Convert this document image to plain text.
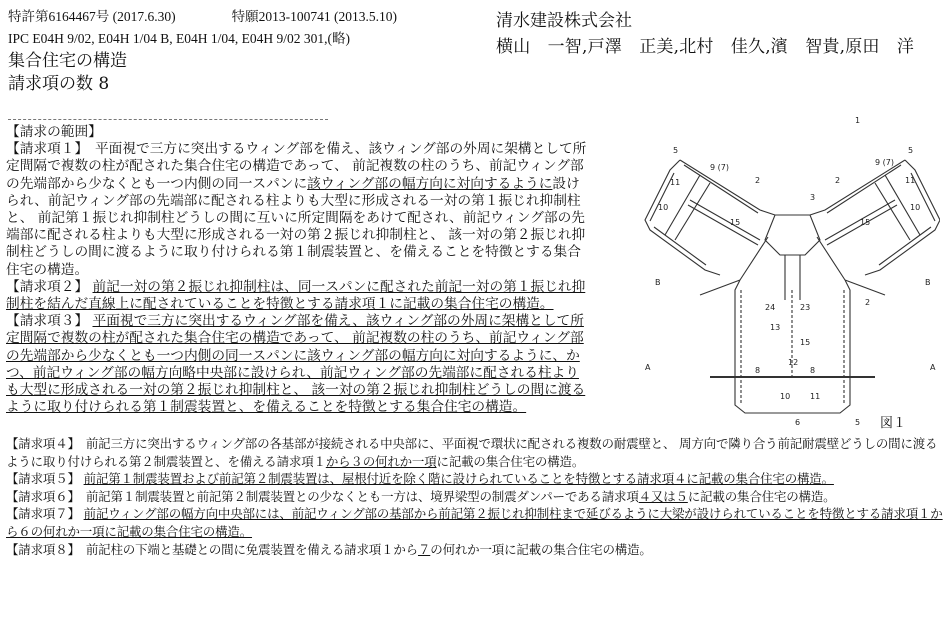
特許第6164467号 (2017.6.30)	特願2013-100741 (2013.5.10)
IPC E04H 9/02, E04H 1/04 B, E04H 1/04, E04H 9/02 301,(略)
集合住宅の構造
請求項の数 8
清水建設株式会社
横山　一智,戸澤　正美,北村　佳久,濱　智貴,原田　洋

【請求の範囲】

【請求項１】　平面視で三方に突出するウィング部を備え、該ウィング部の外周に架構として所定間隔で複数の柱が配された集合住宅の構造であって、 前記複数の柱のうち、前記ウィング部の先端部から少なくとも一つ内側の同一スパンに該ウィング部の幅方向に対向するように設けられ、前記ウィング部の先端部に配される柱よりも大型に形成される一対の第１振じれ抑制柱と、 前記第１振じれ抑制柱どうしの間に互いに所定間隔をあけて配され、前記ウィング部の先端部に配される柱よりも大型に形成される一対の第２振じれ抑制柱と、 該一対の第２振じれ抑制柱どうしの間に渡るように取り付けられる第１制震装置と、を備えることを特徴とする集合住宅の構造。

【請求項２】 前記一対の第２振じれ抑制柱は、同一スパンに配された前記一対の第１振じれ抑制柱を結んだ直線上に配されていることを特徴とする請求項１に記載の集合住宅の構造。

【請求項３】 平面視で三方に突出するウィング部を備え、該ウィング部の外周に架構として所定間隔で複数の柱が配された集合住宅の構造であって、 前記複数の柱のうち、前記ウィング部の先端部から少なくとも一つ内側の同一スパンに該ウィング部の幅方向に対向するように、かつ、前記ウィング部の幅方向略中央部に設けられ、前記ウィング部の先端部に配される柱よりも大型に形成される一対の第２振じれ抑制柱と、 該一対の第２振じれ抑制柱どうしの間に渡るように取り付けられる第１制震装置と、を備えることを特徴とする集合住宅の構造。

【請求項４】　前記三方に突出するウィング部の各基部が接続される中央部に、平面視で環状に配される複数の耐震壁と、 周方向で隣り合う前記耐震壁どうしの間に渡るように取り付けられる第２制震装置と、を備える請求項１から３の何れか一項に記載の集合住宅の構造。

【請求項５】 前記第１制震装置および前記第２制震装置は、屋根付近を除く階に設けられていることを特徴とする請求項４に記載の集合住宅の構造。

【請求項６】　前記第１制震装置と前記第２制震装置との少なくとも一方は、境界梁型の制震ダンパーである請求項４又は５に記載の集合住宅の構造。

【請求項７】 前記ウィング部の幅方向中央部には、前記ウィング部の基部から前記第２振じれ抑制柱まで延びるように大梁が設けられていることを特徴とする請求項１から６の何れか一項に記載の集合住宅の構造。

【請求項８】　前記柱の下端と基礎との間に免震装置を備える請求項１から７の何れか一項に記載の集合住宅の構造。

1
5	5
2	2
3
9 (7)
9 (7)
10	10
11	11
15	15
24	23
13
15
12
8
8
10 11
6	5
2
A	A
B	B
図１
